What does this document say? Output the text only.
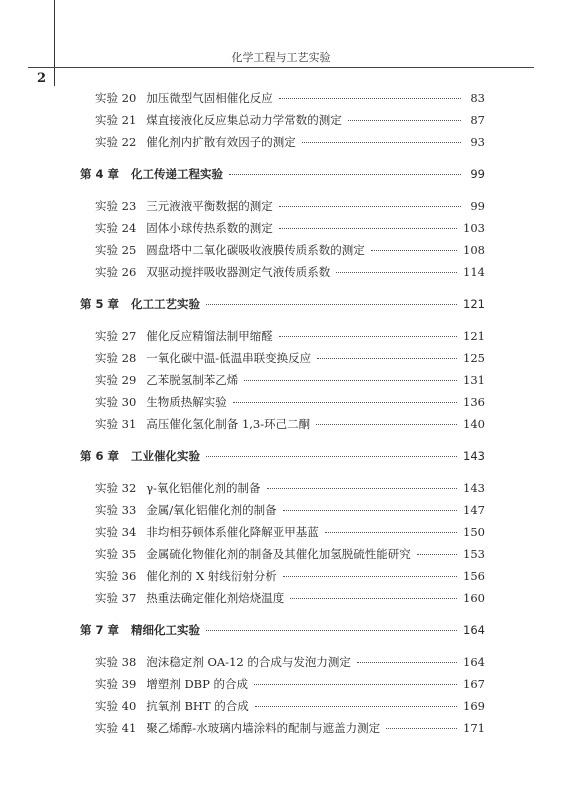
化学工程与工艺实验
2
实验 20 加压微型气固相催化反应	83
实验 21 煤直接液化反应集总动力学常数的测定	87
实验 22 催化剂内扩散有效因子的测定	93
第 4 章 化工传递工程实验	99
实验 23 三元液液平衡数据的测定	99
实验 24 固体小球传热系数的测定	103
实验 25 圆盘塔中二氧化碳吸收液膜传质系数的测定	108
实验 26 双驱动搅拌吸收器测定气液传质系数	114
第 5 章 化工工艺实验	121
实验 27 催化反应精馏法制甲缩醛	121
实验 28 一氧化碳中温-低温串联变换反应	125
实验 29 乙苯脱氢制苯乙烯	131
实验 30 生物质热解实验	136
实验 31 高压催化氢化制备 1,3-环己二酮	140
第 6 章 工业催化实验	143
实验 32 γ-氧化铝催化剂的制备	143
实验 33 金属/氧化铝催化剂的制备	147
实验 34 非均相芬顿体系催化降解亚甲基蓝	150
实验 35 金属硫化物催化剂的制备及其催化加氢脱硫性能研究	153
实验 36 催化剂的 X 射线衍射分析	156
实验 37 热重法确定催化剂焙烧温度	160
第 7 章 精细化工实验	164
实验 38 泡沫稳定剂 OA-12 的合成与发泡力测定	164
实验 39 增塑剂 DBP 的合成	167
实验 40 抗氧剂 BHT 的合成	169
实验 41 聚乙烯醇-水玻璃内墙涂料的配制与遮盖力测定	171
